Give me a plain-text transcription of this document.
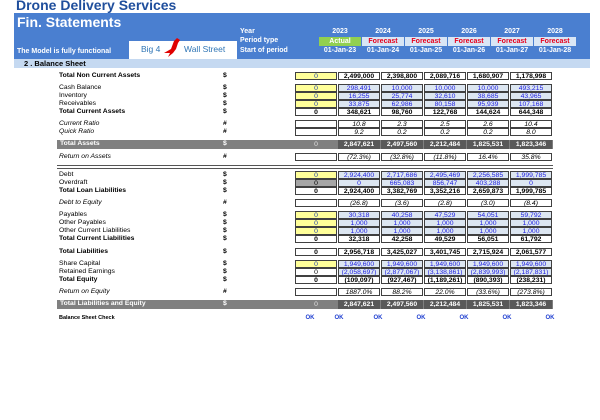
Drone Delivery Services
Fin. Statements
The Model is fully functional	Big 4	Wall Street
Year
Period type
Start of period
2023	2024	2025	2026	2027	2028
Actual	Forecast	Forecast	Forecast	Forecast	Forecast
01-Jan-23	01-Jan-24	01-Jan-25	01-Jan-26	01-Jan-27	01-Jan-28
2 . Balance Sheet
Total Non Current Assets	$	0	2,499,000	2,398,800	2,089,716	1,680,907	1,178,998
Cash Balance	$	0	298,491	10,000	10,000	10,000	493,215
Inventory	$	0	16,255	25,774	32,610	38,685	43,965
Receivables	$	0	33,875	62,986	80,158	95,939	107,168
Total Current Assets	$	0	348,621	98,760	122,768	144,624	644,348
Current Ratio	#	10.8	2.3	2.5	2.6	10.4
Quick Ratio	#	9.2	0.2	0.2	0.2	8.0
Total Assets	$	0	2,847,621	2,497,560	2,212,484	1,825,531	1,823,346
Return on Assets	#	(72.3%)	(32.8%)	(11.8%)	16.4%	35.8%
Debt	$	0	2,924,400	2,717,686	2,495,469	2,256,585	1,999,785
Overdraft	$	0	0	665,083	856,747	403,288	0
Total Loan Liabilities	$	0	2,924,400	3,382,769	3,352,216	2,659,873	1,999,785
Debt to Equity	#	(26.8)	(3.6)	(2.8)	(3.0)	(8.4)
Payables	$	0	30,318	40,258	47,529	54,051	59,792
Other Payables	$	0	1,000	1,000	1,000	1,000	1,000
Other Current Liabilities	$	0	1,000	1,000	1,000	1,000	1,000
Total Current Liabilities	$	0	32,318	42,258	49,529	56,051	61,792
Total Liabilities	$	0	2,956,718	3,425,027	3,401,745	2,715,924	2,061,577
Share Capital	$	0	1,949,600	1,949,600	1,949,600	1,949,600	1,949,600
Retained Earnings	$	0	(2,058,697)	(2,877,067)	(3,138,861)	(2,839,993)	(2,187,831)
Total Equity	$	0	(109,097)	(927,467)	(1,189,261)	(890,393)	(238,231)
Return on Equity	#	1887.0%	88.2%	22.0%	(33.6%)	(273.8%)
Total Liabilities and Equity	$	0	2,847,621	2,497,560	2,212,484	1,825,531	1,823,346
Balance Sheet Check	OK	OK	OK	OK	OK	OK	OK
